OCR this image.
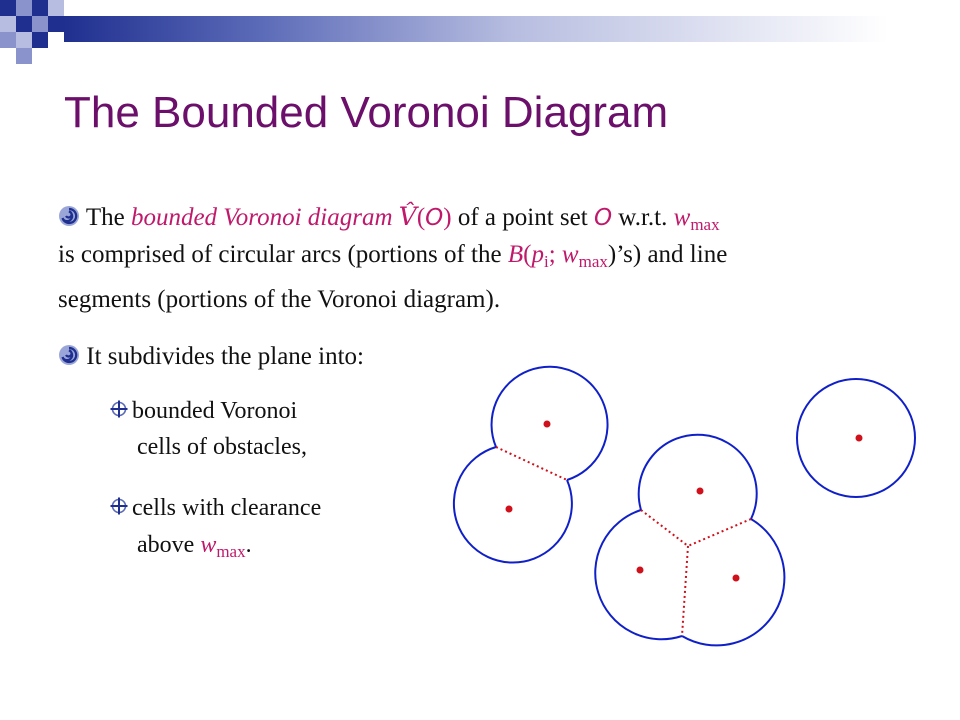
The Bounded Voronoi Diagram
The bounded Voronoi diagram V̂(O) of a point set O w.r.t. $w_{max}$
is comprised of circular arcs (portions of the $B(p_i$; $w_{max})’s$) and line
segments (portions of the Voronoi diagram).
It subdivides the plane into:
bounded Voronoi
cells of obstacles,
cells with clearance
above $w_{max}$.
